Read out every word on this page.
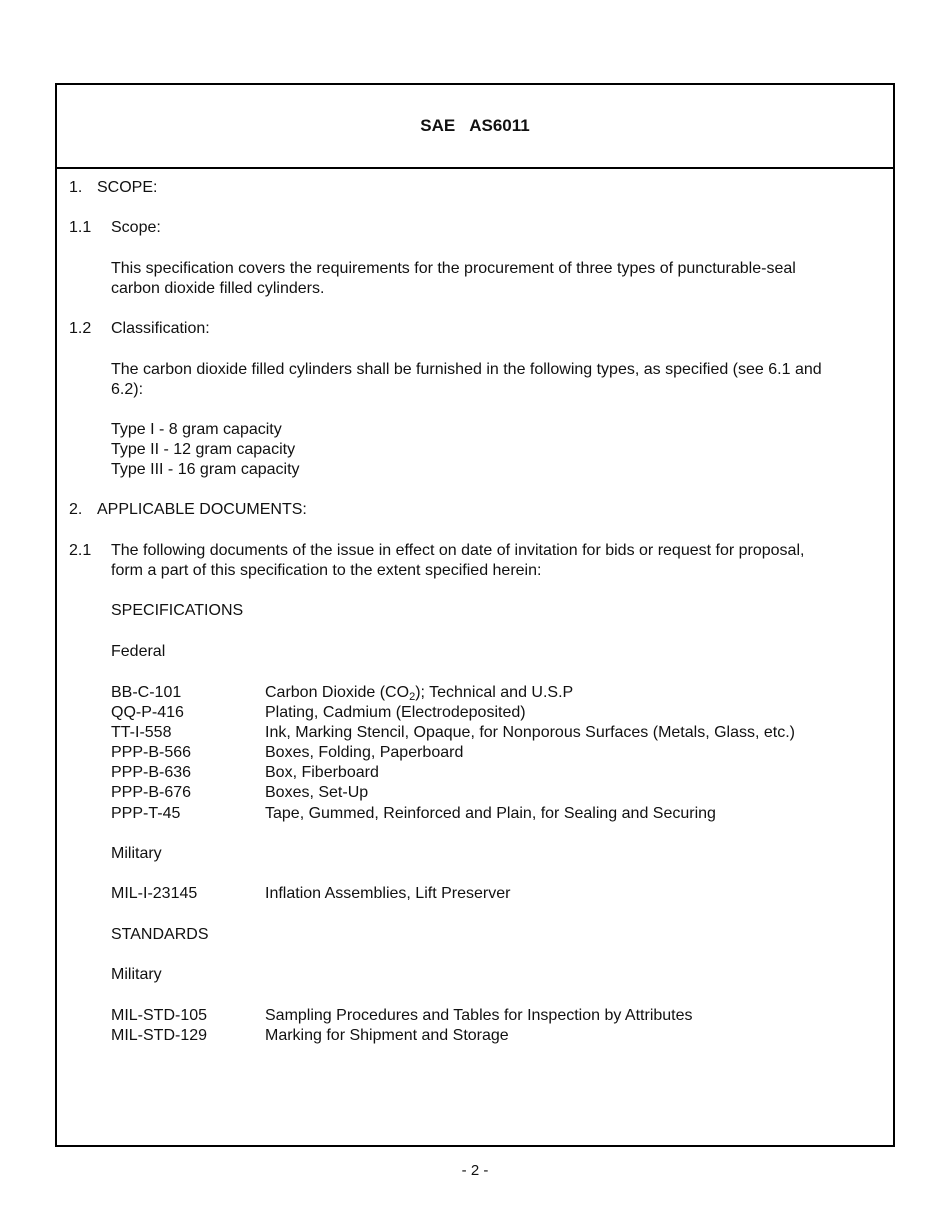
SAE AS6011
1. SCOPE:
1.1 Scope:
This specification covers the requirements for the procurement of three types of puncturable-seal
carbon dioxide filled cylinders.
1.2 Classification:
The carbon dioxide filled cylinders shall be furnished in the following types, as specified (see 6.1 and
6.2):
Type I - 8 gram capacity
Type II - 12 gram capacity
Type III - 16 gram capacity
2. APPLICABLE DOCUMENTS:
2.1 The following documents of the issue in effect on date of invitation for bids or request for proposal,
form a part of this specification to the extent specified herein:
SPECIFICATIONS
Federal
BB-C-101	Carbon Dioxide $(CO_2)$; Technical and U.S.P
QQ-P-416	Plating, Cadmium (Electrodeposited)
TT-I-558	Ink, Marking Stencil, Opaque, for Nonporous Surfaces (Metals, Glass, etc.)
PPP-B-566	Boxes, Folding, Paperboard
PPP-B-636	Box, Fiberboard
PPP-B-676	Boxes, Set-Up
PPP-T-45	Tape, Gummed, Reinforced and Plain, for Sealing and Securing
Military
MIL-I-23145	Inflation Assemblies, Lift Preserver
STANDARDS
Military
MIL-STD-105	Sampling Procedures and Tables for Inspection by Attributes
MIL-STD-129	Marking for Shipment and Storage
- 2 -
